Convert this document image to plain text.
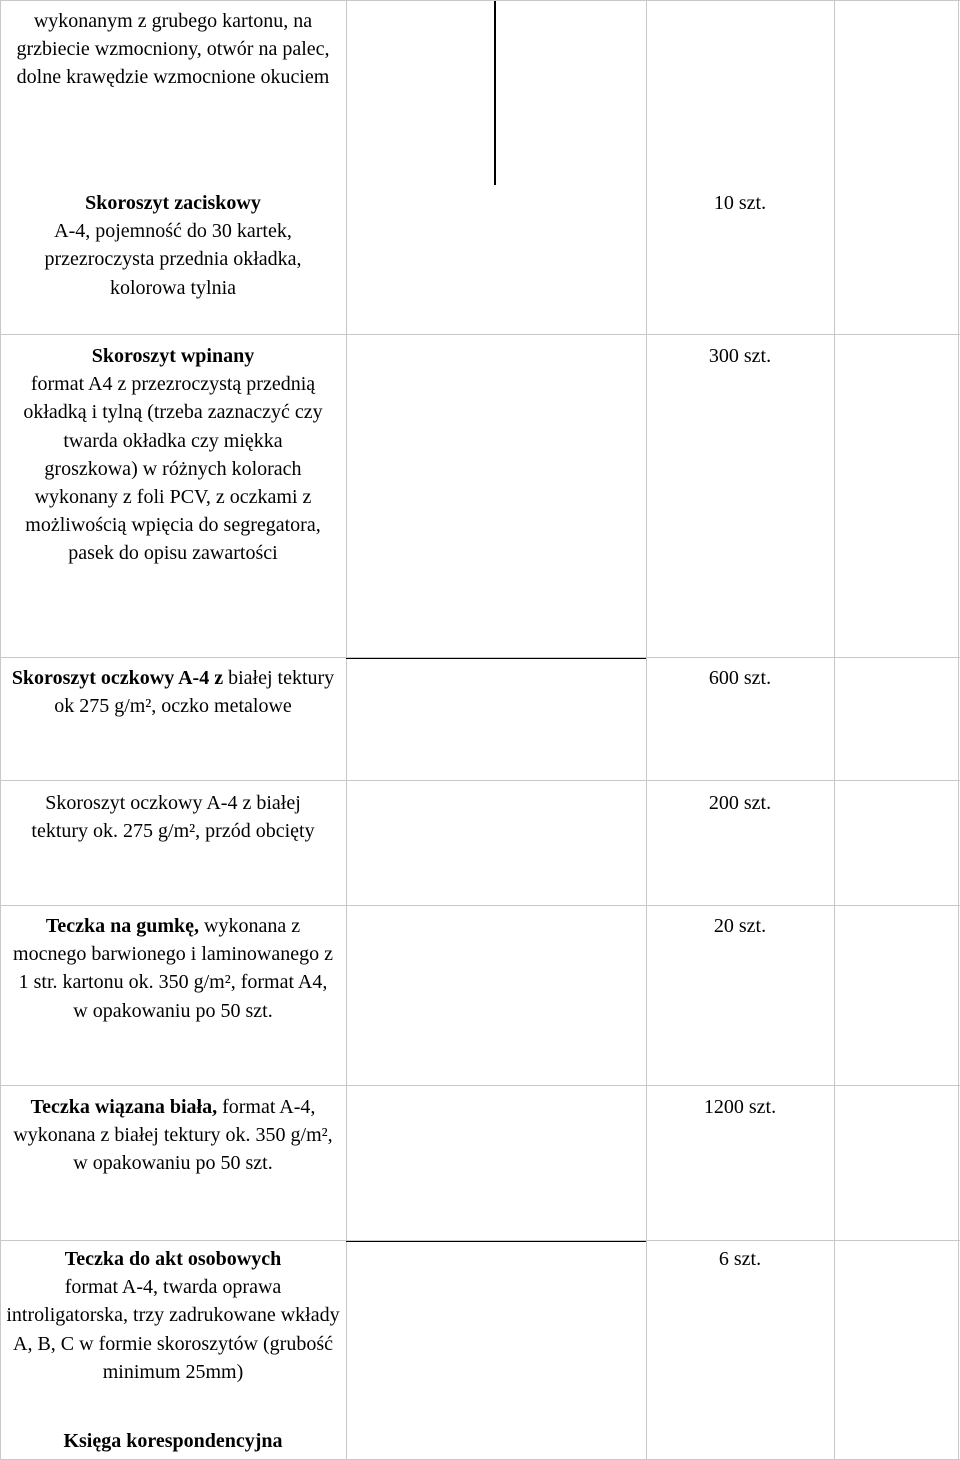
wykonanym z grubego kartonu, na grzbiecie wzmocniony, otwór na palec, dolne krawędzie wzmocnione okuciem
Skoroszyt zaciskowy
A-4, pojemność do 30 kartek, przezroczysta przednia okładka, kolorowa tylnia
10 szt.
Skoroszyt wpinany
format A4 z przezroczystą przednią okładką i tylną (trzeba zaznaczyć czy twarda okładka czy miękka groszkowa) w różnych kolorach wykonany z foli PCV, z oczkami z możliwością wpięcia do segregatora, pasek do opisu zawartości
300 szt.
Skoroszyt oczkowy A-4 z białej tektury ok 275 g/m², oczko metalowe
600 szt.
Skoroszyt oczkowy A-4 z białej tektury ok. 275 g/m², przód obcięty
200 szt.
Teczka na gumkę, wykonana z mocnego barwionego i laminowanego z 1 str. kartonu ok. 350 g/m², format A4, w opakowaniu po 50 szt.
20 szt.
Teczka wiązana biała, format A-4, wykonana z białej tektury ok. 350 g/m², w opakowaniu po 50 szt.
1200 szt.
Teczka do akt osobowych
format A-4, twarda oprawa introligatorska, trzy zadrukowane wkłady A, B, C w formie skoroszytów (grubość minimum 25mm)
6 szt.
Księga korespondencyjna
